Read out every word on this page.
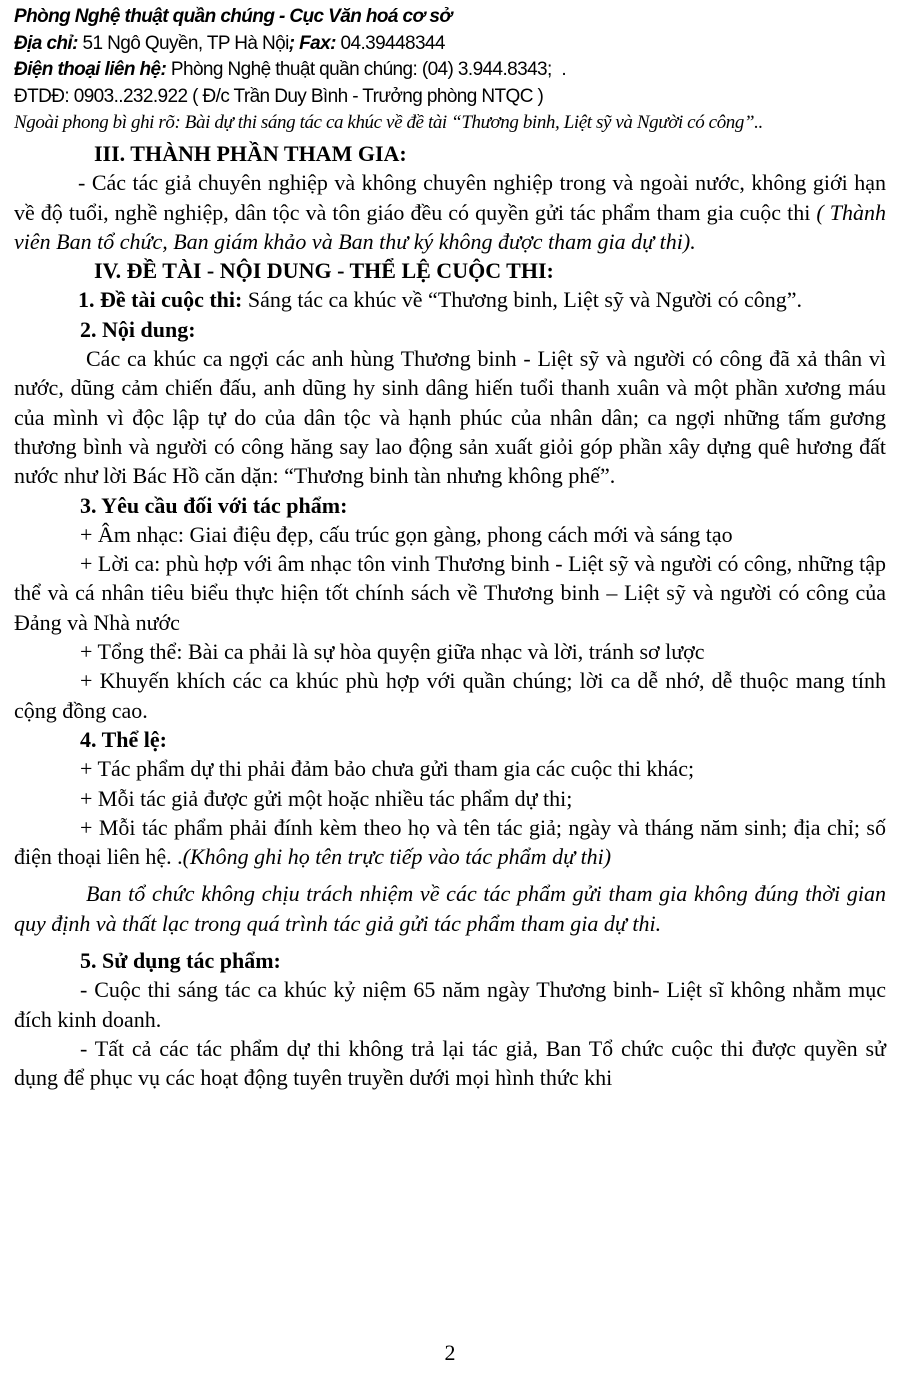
Phòng Nghệ thuật quần chúng - Cục Văn hoá cơ sở
Địa chỉ: 51 Ngô Quyền, TP Hà Nội; Fax: 04.39448344
Điện thoại liên hệ: Phòng Nghệ thuật quần chúng: (04) 3.944.8343; .
ĐTDĐ: 0903..232.922 ( Đ/c Trần Duy Bình - Trưởng phòng NTQC )
Ngoài phong bì ghi rõ: Bài dự thi sáng tác ca khúc về đề tài “Thương binh, Liệt sỹ và Người có công”..

III. THÀNH PHẦN THAM GIA:

- Các tác giả chuyên nghiệp và không chuyên nghiệp trong và ngoài nước, không giới hạn về độ tuổi, nghề nghiệp, dân tộc và tôn giáo đều có quyền gửi tác phẩm tham gia cuộc thi ( Thành viên Ban tổ chức, Ban giám khảo và Ban thư ký không được tham gia dự thi).

IV. ĐỀ TÀI - NỘI DUNG - THỂ LỆ CUỘC THI:

1. Đề tài cuộc thi: Sáng tác ca khúc về “Thương binh, Liệt sỹ và Người có công”.

2. Nội dung:

Các ca khúc ca ngợi các anh hùng Thương binh - Liệt sỹ và người có công đã xả thân vì nước, dũng cảm chiến đấu, anh dũng hy sinh dâng hiến tuổi thanh xuân và một phần xương máu của mình vì độc lập tự do của dân tộc và hạnh phúc của nhân dân; ca ngợi những tấm gương thương bình và người có công hăng say lao động sản xuất giỏi góp phần xây dựng quê hương đất nước như lời Bác Hồ căn dặn: “Thương binh tàn nhưng không phế”.

3. Yêu cầu đối với tác phẩm:

+ Âm nhạc: Giai điệu đẹp, cấu trúc gọn gàng, phong cách mới và sáng tạo

+ Lời ca: phù hợp với âm nhạc tôn vinh Thương binh - Liệt sỹ và người có công, những tập thể và cá nhân tiêu biểu thực hiện tốt chính sách về Thương binh – Liệt sỹ và người có công của Đảng và Nhà nước

+ Tổng thể: Bài ca phải là sự hòa quyện giữa nhạc và lời, tránh sơ lược

+ Khuyến khích các ca khúc phù hợp với quần chúng; lời ca dễ nhớ, dễ thuộc mang tính cộng đồng cao.

4. Thể lệ:

+ Tác phẩm dự thi phải đảm bảo chưa gửi tham gia các cuộc thi khác;

+ Mỗi tác giả được gửi một hoặc nhiều tác phẩm dự thi;

+ Mỗi tác phẩm phải đính kèm theo họ và tên tác giả; ngày và tháng năm sinh; địa chỉ; số điện thoại liên hệ. .(Không ghi họ tên trực tiếp vào tác phẩm dự thi)

Ban tổ chức không chịu trách nhiệm về các tác phẩm gửi tham gia không đúng thời gian quy định và thất lạc trong quá trình tác giả gửi tác phẩm tham gia dự thi.

5. Sử dụng tác phẩm:

- Cuộc thi sáng tác ca khúc kỷ niệm 65 năm ngày Thương binh- Liệt sĩ không nhằm mục đích kinh doanh.

- Tất cả các tác phẩm dự thi không trả lại tác giả, Ban Tổ chức cuộc thi được quyền sử dụng để phục vụ các hoạt động tuyên truyền dưới mọi hình thức khi

2
